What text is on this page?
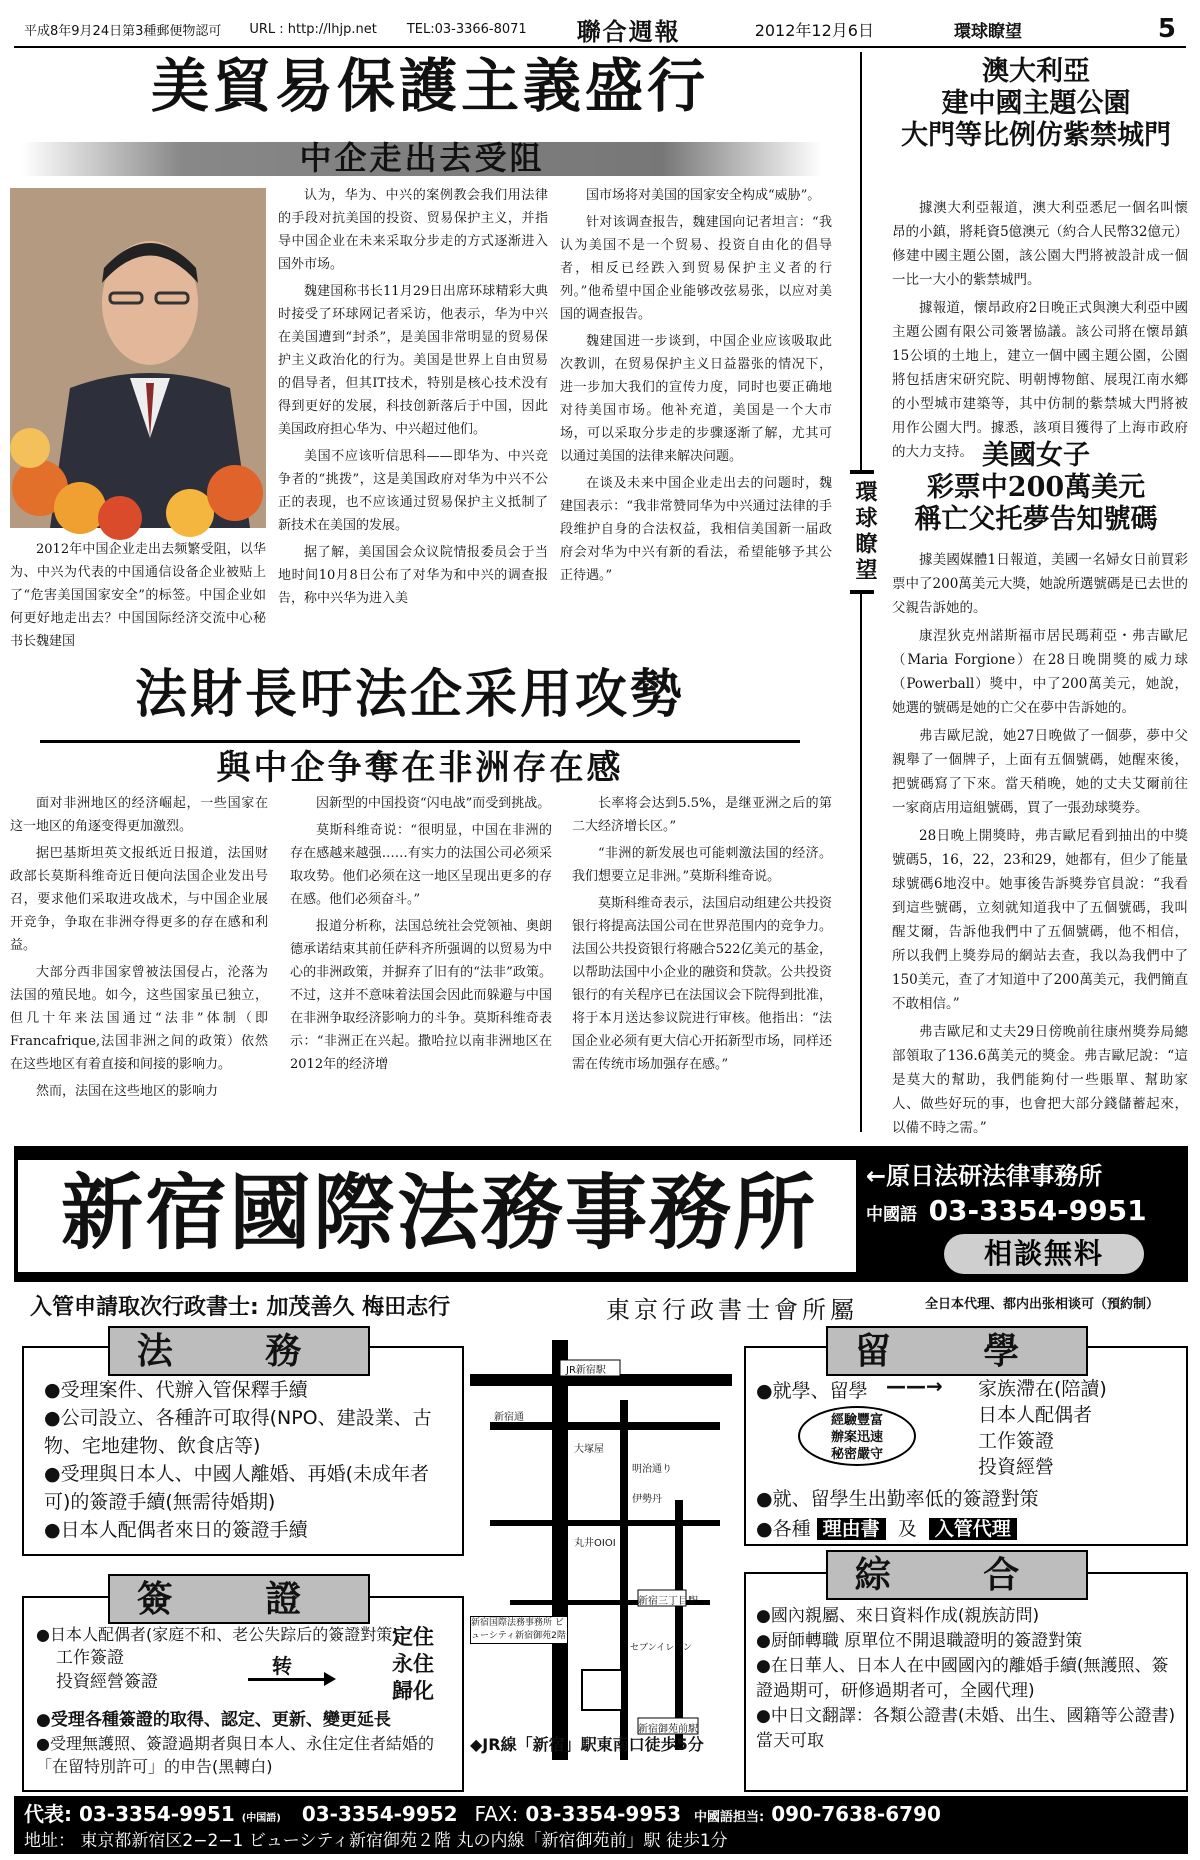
平成8年9月24日第3種郵便物認可 URL : http://lhjp.net TEL:03-3366-8071 聯合週報	2012年12月6日	環球瞭望	5
美貿易保護主義盛行
中企走出去受阻

2012年中国企业走出去频繁受阻，以华为、中兴为代表的中国通信设备企业被贴上了“危害美国国家安全”的标签。中国企业如何更好地走出去？中国国际经济交流中心秘书长魏建国

认为，华为、中兴的案例教会我们用法律的手段对抗美国的投资、贸易保护主义，并指导中国企业在未来采取分步走的方式逐渐进入国外市场。

魏建国称书长11月29日出席环球精彩大典时接受了环球网记者采访，他表示，华为中兴在美国遭到“封杀”，是美国非常明显的贸易保护主义政治化的行为。美国是世界上自由贸易的倡导者，但其IT技术，特别是核心技术没有得到更好的发展，科技创新落后于中国，因此美国政府担心华为、中兴超过他们。

美国不应该听信思科——即华为、中兴竞争者的“挑拨”，这是美国政府对华为中兴不公正的表现，也不应该通过贸易保护主义抵制了新技术在美国的发展。

据了解，美国国会众议院情报委员会于当地时间10月8日公布了对华为和中兴的调查报告，称中兴华为进入美

国市场将对美国的国家安全构成“威胁”。

针对该调查报告，魏建国向记者坦言：“我认为美国不是一个贸易、投资自由化的倡导者，相反已经跌入到贸易保护主义者的行列。”他希望中国企业能够改弦易张，以应对美国的调查报告。

魏建国进一步谈到，中国企业应该吸取此次教训，在贸易保护主义日益嚣张的情况下，进一步加大我们的宣传力度，同时也要正确地对待美国市场。他补充道，美国是一个大市场，可以采取分步走的步骤逐渐了解，尤其可以通过美国的法律来解决问题。

在谈及未来中国企业走出去的问题时，魏建国表示：“我非常赞同华为中兴通过法律的手段维护自身的合法权益，我相信美国新一届政府会对华为中兴有新的看法，希望能够予其公正待遇。”

法財長吁法企采用攻勢
與中企争奪在非洲存在感

面对非洲地区的经济崛起，一些国家在这一地区的角逐变得更加激烈。

据巴基斯坦英文报纸近日报道，法国财政部长莫斯科维奇近日便向法国企业发出号召，要求他们采取进攻战术，与中国企业展开竞争，争取在非洲夺得更多的存在感和利益。

大部分西非国家曾被法国侵占，沦落为法国的殖民地。如今，这些国家虽已独立，但几十年来法国通过“法非”体制（即Francafrique,法国非洲之间的政策）依然在这些地区有着直接和间接的影响力。

然而，法国在这些地区的影响力

因新型的中国投资“闪电战”而受到挑战。

莫斯科维奇说：“很明显，中国在非洲的存在感越来越强……有实力的法国公司必须采取攻势。他们必须在这一地区呈现出更多的存在感。他们必须奋斗。”

报道分析称，法国总统社会党领袖、奥朗德承诺结束其前任萨科齐所强调的以贸易为中心的非洲政策，并摒弃了旧有的“法非”政策。不过，这并不意味着法国会因此而躲避与中国在非洲争取经济影响力的斗争。莫斯科维奇表示：“非洲正在兴起。撒哈拉以南非洲地区在2012年的经济增

长率将会达到5.5%，是继亚洲之后的第二大经济增长区。”

“非洲的新发展也可能刺激法国的经济。我们想要立足非洲。”莫斯科维奇说。

莫斯科维奇表示，法国启动组建公共投资银行将提高法国公司在世界范围内的竞争力。法国公共投资银行将融合522亿美元的基金，以帮助法国中小企业的融资和贷款。公共投资银行的有关程序已在法国议会下院得到批准，将于本月送达参议院进行审核。他指出：“法国企业必须有更大信心开拓新型市场，同样还需在传统市场加强存在感。”

環球瞭望
澳大利亞
建中國主題公園
大門等比例仿紫禁城門

據澳大利亞報道，澳大利亞悉尼一個名叫懷昂的小鎮，將耗資5億澳元（約合人民幣32億元）修建中國主題公園，該公園大門將被設計成一個一比一大小的紫禁城門。

據報道，懷昂政府2日晚正式與澳大利亞中國主題公園有限公司簽署協議。該公司將在懷昂鎮15公頃的土地上，建立一個中國主題公園，公園將包括唐宋研究院、明朝博物館、展現江南水鄉的小型城市建築等，其中仿制的紫禁城大門將被用作公園大門。據悉，該項目獲得了上海市政府的大力支持。 美國女子
彩票中200萬美元
稱亡父托夢告知號碼

據美國媒體1日報道，美國一名婦女日前買彩票中了200萬美元大獎，她說所選號碼是已去世的父親告訴她的。

康涅狄克州諾斯福市居民瑪莉亞・弗吉歐尼（Maria Forgione）在28日晚開獎的威力球（Powerball）獎中，中了200萬美元，她說，她選的號碼是她的亡父在夢中告訴她的。

弗吉歐尼說，她27日晚做了一個夢，夢中父親舉了一個牌子，上面有五個號碼，她醒來後，把號碼寫了下來。當天稍晚，她的丈夫艾爾前往一家商店用這組號碼，買了一張劲球獎券。

28日晚上開獎時，弗吉歐尼看到抽出的中獎號碼5，16，22，23和29，她都有，但少了能量球號碼6地沒中。她事後告訴獎券官員說：“我看到這些號碼，立刻就知道我中了五個號碼，我叫醒艾爾，告訴他我們中了五個號碼，他不相信，所以我們上獎券局的網站去查，我以為我們中了150美元，查了才知道中了200萬美元，我們簡直不敢相信。”

弗吉歐尼和丈夫29日傍晚前往康州獎券局總部領取了136.6萬美元的獎金。弗吉歐尼說：“這是莫大的幫助，我們能夠付一些賬單、幫助家人、做些好玩的事，也會把大部分錢儲蓄起來，以備不時之需。”

新宿國際法務事務所	←原日法研法律事務所
中國語 03-3354-9951
相談無料
入管申請取次行政書士: 加茂善久 梅田志行	東京行政書士會所屬	全日本代理、都内出张相谈可（預約制）
法 務
●受理案件、代辦入管保釋手續
●公司設立、各種許可取得(NPO、建設業、古物、宅地建物、飲食店等)
●受理與日本人、中國人離婚、再婚(未成年者可)的簽證手續(無需待婚期)
●日本人配偶者來日的簽證手續
簽 證
●日本人配偶者(家庭不和、老公失踪后的簽證對策)
工作簽證
投資經營簽證
转
定住
永住
歸化
●受理各種簽證的取得、認定、更新、變更延長
●受理無護照、簽證過期者與日本人、永住定住者結婚的「在留特別許可」的申告(黑轉白)
JR新宿駅
新宿通
大塚屋
丸井OIOI
伊勢丹
明治通り
新宿三丁目駅
新宿御苑前駅
新宿国際法務事務所 ビューシティ新宿御苑2階
セブンイレブン
◆JR線「新宿」駅東南口徒歩5分
留 學
●就學、留學 ——→ 家族滯在(陪讀)
日本人配偶者
工作簽證
投資經營
經驗豐富
辦案迅速
秘密嚴守
●就、留學生出勤率低的簽證對策
●各種 理由書 及 入管代理
綜 合
●國內親屬、來日資料作成(親族訪問)
●厨師轉職 原單位不開退職證明的簽證對策
●在日華人、日本人在中國國內的離婚手續(無護照、簽證過期可，研修過期者可，全國代理)
●中日文翻譯：各類公證書(未婚、出生、國籍等公證書) 當天可取
代表: 03-3354-9951 (中国語) 03-3354-9952 FAX: 03-3354-9953 中國語担当: 090-7638-6790
地址： 東京都新宿区2−2−1 ビューシティ新宿御苑２階 丸の内線「新宿御苑前」駅 徒歩1分
